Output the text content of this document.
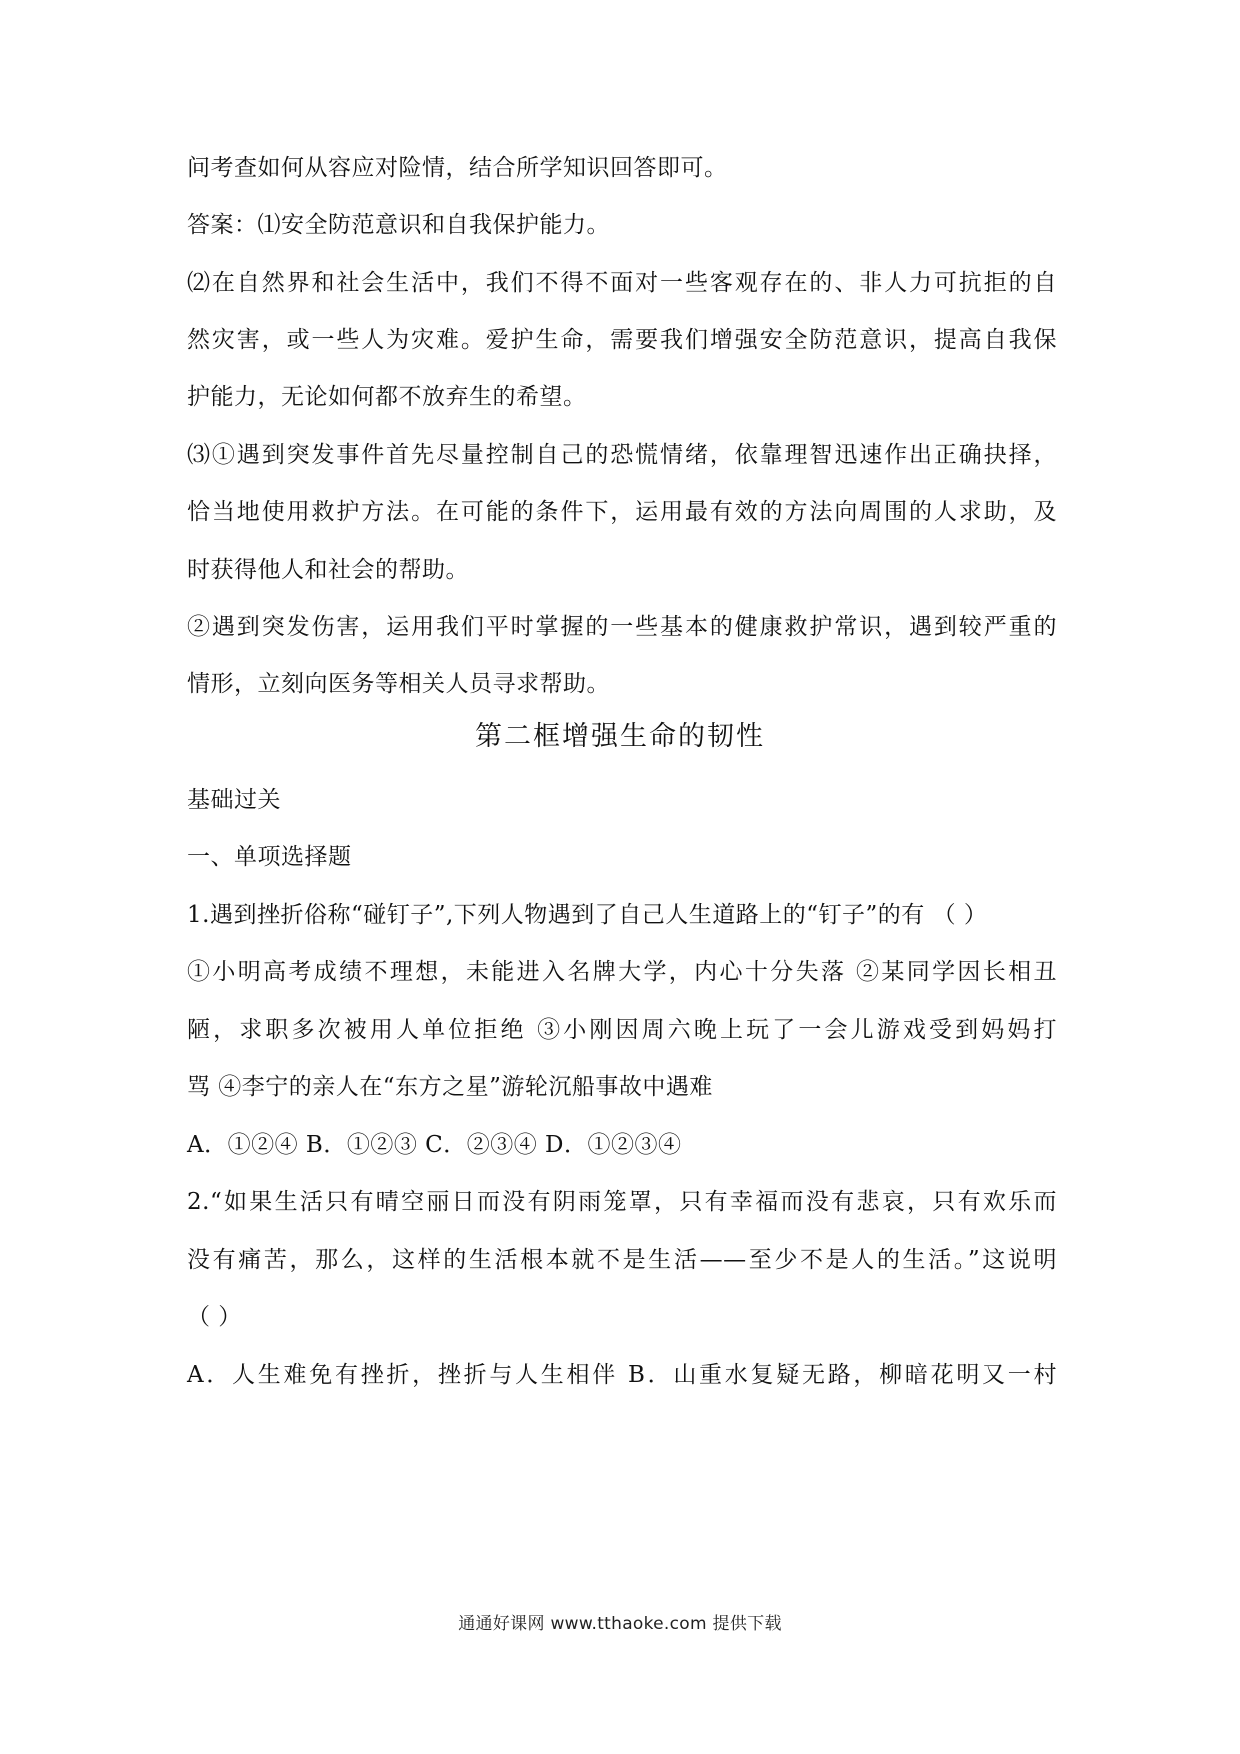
问考查如何从容应对险情，结合所学知识回答即可。
答案：⑴安全防范意识和自我保护能力。
⑵在自然界和社会生活中，我们不得不面对一些客观存在的、非人力可抗拒的自
然灾害，或一些人为灾难。爱护生命，需要我们增强安全防范意识，提高自我保
护能力，无论如何都不放弃生的希望。
⑶①遇到突发事件首先尽量控制自己的恐慌情绪，依靠理智迅速作出正确抉择，
恰当地使用救护方法。在可能的条件下，运用最有效的方法向周围的人求助，及
时获得他人和社会的帮助。
②遇到突发伤害，运用我们平时掌握的一些基本的健康救护常识，遇到较严重的
情形，立刻向医务等相关人员寻求帮助。
第二框增强生命的韧性
基础过关
一、单项选择题
1.遇到挫折俗称“碰钉子”,下列人物遇到了自己人生道路上的“钉子”的有 （ ）
①小明高考成绩不理想，未能进入名牌大学，内心十分失落 ②某同学因长相丑
陋，求职多次被用人单位拒绝 ③小刚因周六晚上玩了一会儿游戏受到妈妈打
骂 ④李宁的亲人在“东方之星”游轮沉船事故中遇难
A．①②④ B．①②③ C．②③④ D．①②③④
2.“如果生活只有晴空丽日而没有阴雨笼罩，只有幸福而没有悲哀，只有欢乐而
没有痛苦，那么，这样的生活根本就不是生活——至少不是人的生活。”这说明
（ ）
A．人生难免有挫折，挫折与人生相伴 B．山重水复疑无路，柳暗花明又一村
通通好课网 www.tthaoke.com 提供下载
